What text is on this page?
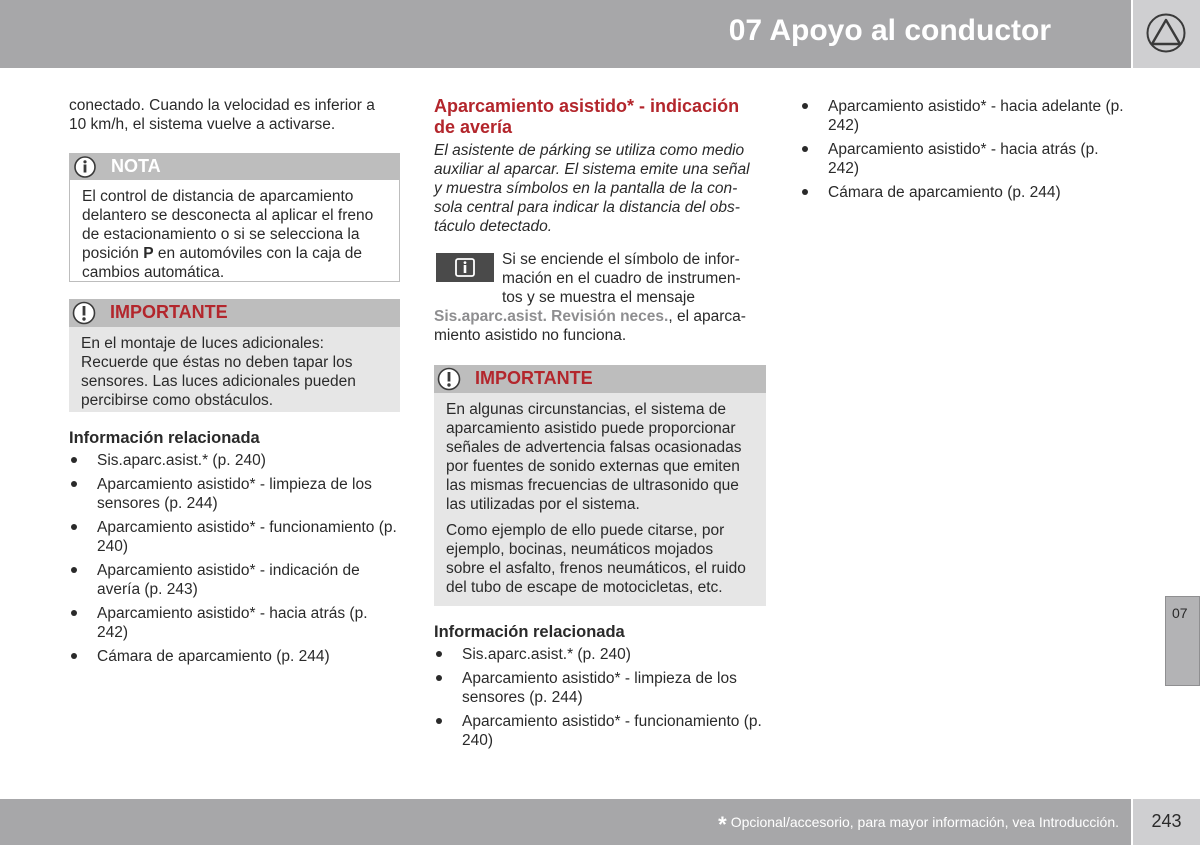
07 Apoyo al conductor
conectado. Cuando la velocidad es inferior a
10 km/h, el sistema vuelve a activarse.
NOTA
El control de distancia de aparcamiento delantero se desconecta al aplicar el freno de estacionamiento o si se selecciona la posición P en automóviles con la caja de cambios automática.
IMPORTANTE
En el montaje de luces adicionales: Recuerde que éstas no deben tapar los sensores. Las luces adicionales pueden percibirse como obstáculos.
Información relacionada
Sis.aparc.asist.* (p. 240)
Aparcamiento asistido* - limpieza de los sensores (p. 244)
Aparcamiento asistido* - funcionamiento (p. 240)
Aparcamiento asistido* - indicación de avería (p. 243)
Aparcamiento asistido* - hacia atrás (p. 242)
Cámara de aparcamiento (p. 244)
Aparcamiento asistido* - indicación
de avería
El asistente de párking se utiliza como medio
auxiliar al aparcar. El sistema emite una señal
y muestra símbolos en la pantalla de la con-
sola central para indicar la distancia del obs-
táculo detectado.
Si se enciende el símbolo de infor-
mación en el cuadro de instrumen-
tos y se muestra el mensaje
Sis.aparc.asist. Revisión neces., el aparca-
miento asistido no funciona.
IMPORTANTE
En algunas circunstancias, el sistema de aparcamiento asistido puede proporcionar señales de advertencia falsas ocasionadas por fuentes de sonido externas que emiten las mismas frecuencias de ultrasonido que las utilizadas por el sistema.
Como ejemplo de ello puede citarse, por ejemplo, bocinas, neumáticos mojados sobre el asfalto, frenos neumáticos, el ruido del tubo de escape de motocicletas, etc.
Información relacionada
Sis.aparc.asist.* (p. 240)
Aparcamiento asistido* - limpieza de los sensores (p. 244)
Aparcamiento asistido* - funcionamiento (p. 240)
Aparcamiento asistido* - hacia adelante (p. 242)
Aparcamiento asistido* - hacia atrás (p. 242)
Cámara de aparcamiento (p. 244)
07
* Opcional/accesorio, para mayor información, vea Introducción.	243
